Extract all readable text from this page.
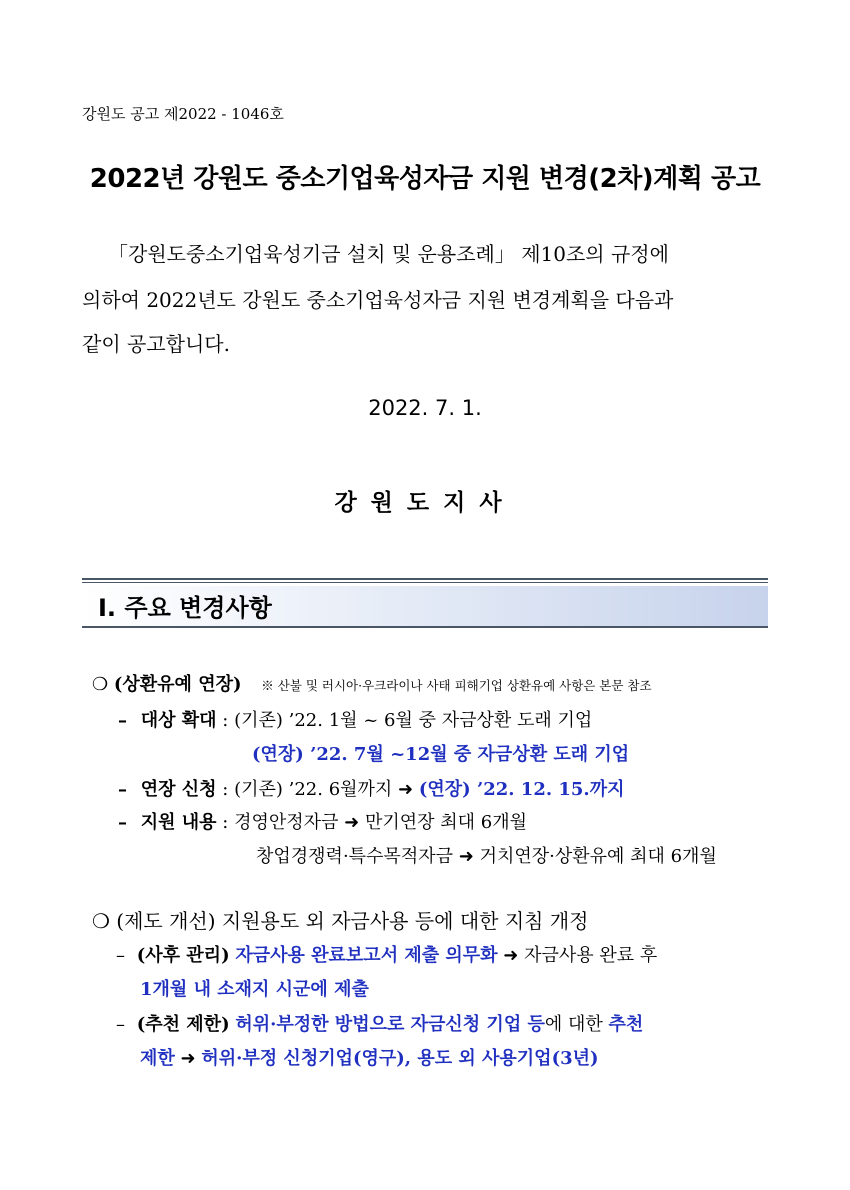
강원도 공고 제2022 - 1046호
2022년 강원도 중소기업육성자금 지원 변경(2차)계획 공고
「강원도중소기업육성기금 설치 및 운용조례」 제10조의 규정에
의하여 2022년도 강원도 중소기업육성자금 지원 변경계획을 다음과
같이 공고합니다.
2022. 7. 1.
강원도지사
Ⅰ. 주요 변경사항
❍ (상환유예 연장) ※ 산불 및 러시아·우크라이나 사태 피해기업 상환유예 사항은 본문 참조
– 대상 확대 : (기존) ’22. 1월 ~ 6월 중 자금상환 도래 기업
(연장) ’22. 7월 ~12월 중 자금상환 도래 기업
– 연장 신청 : (기존) ’22. 6월까지 ➜ (연장) ’22. 12. 15.까지
– 지원 내용 : 경영안정자금 ➜ 만기연장 최대 6개월
창업경쟁력·특수목적자금 ➜ 거치연장·상환유예 최대 6개월
❍ (제도 개선) 지원용도 외 자금사용 등에 대한 지침 개정
– (사후 관리) 자금사용 완료보고서 제출 의무화 ➜ 자금사용 완료 후
1개월 내 소재지 시군에 제출
– (추천 제한) 허위·부정한 방법으로 자금신청 기업 등에 대한 추천
제한 ➜ 허위·부정 신청기업(영구), 용도 외 사용기업(3년)
